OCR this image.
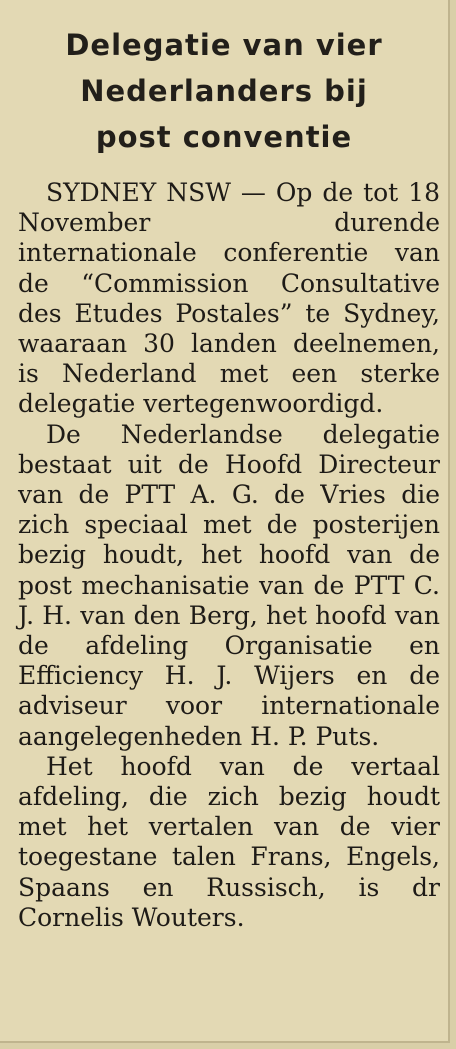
Delegatie van vier
Nederlanders bij
post conventie

SYDNEY NSW — Op de tot 18 November durende internationale conferentie van de “Commission Consultative des Etudes Postales” te Sydney, waaraan 30 landen deelnemen, is Nederland met een sterke delegatie vertegenwoordigd.

De Nederlandse delegatie bestaat uit de Hoofd Directeur van de PTT A. G. de Vries die zich speciaal met de posterijen bezig houdt, het hoofd van de post mechanisatie van de PTT C. J. H. van den Berg, het hoofd van de afdeling Organisatie en Efficiency H. J. Wijers en de adviseur voor internationale aangelegenheden H. P. Puts.

Het hoofd van de vertaal afdeling, die zich bezig houdt met het vertalen van de vier toegestane talen Frans, Engels, Spaans en Russisch, is dr Cornelis Wouters.
